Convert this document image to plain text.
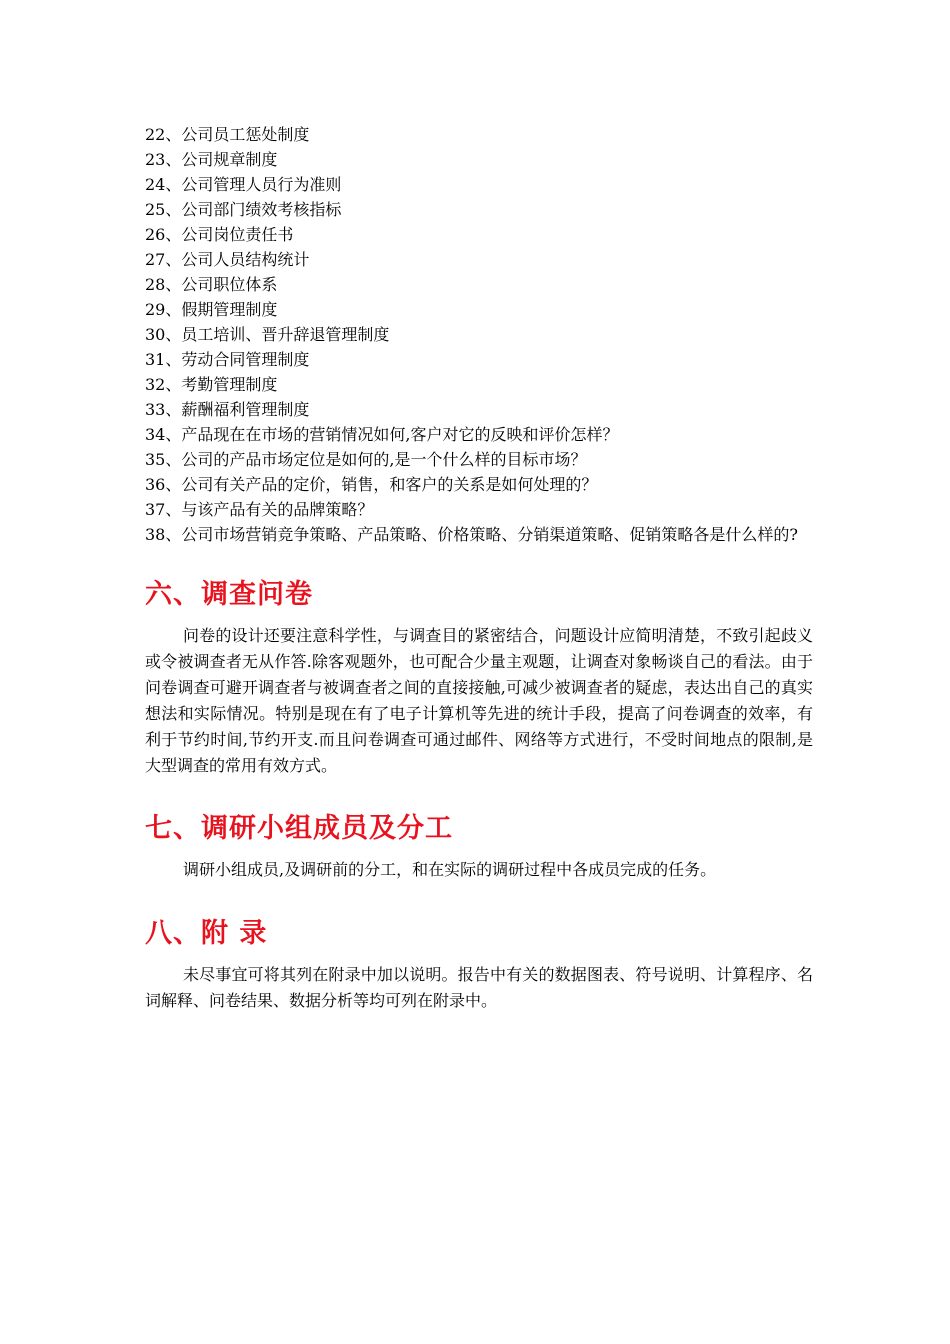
22、公司员工惩处制度
23、公司规章制度
24、公司管理人员行为准则
25、公司部门绩效考核指标
26、公司岗位责任书
27、公司人员结构统计
28、公司职位体系
29、假期管理制度
30、员工培训、晋升辞退管理制度
31、劳动合同管理制度
32、考勤管理制度
33、薪酬福利管理制度
34、产品现在在市场的营销情况如何,客户对它的反映和评价怎样？
35、公司的产品市场定位是如何的,是一个什么样的目标市场？
36、公司有关产品的定价，销售，和客户的关系是如何处理的？
37、与该产品有关的品牌策略？
38、公司市场营销竞争策略、产品策略、价格策略、分销渠道策略、促销策略各是什么样的?
六、调查问卷

问卷的设计还要注意科学性，与调查目的紧密结合，问题设计应简明清楚，不致引起歧义或令被调查者无从作答.除客观题外，也可配合少量主观题，让调查对象畅谈自己的看法。由于问卷调查可避开调查者与被调查者之间的直接接触,可减少被调查者的疑虑，表达出自己的真实想法和实际情况。特别是现在有了电子计算机等先进的统计手段，提高了问卷调查的效率，有利于节约时间,节约开支.而且问卷调查可通过邮件、网络等方式进行，不受时间地点的限制,是大型调查的常用有效方式。

七、调研小组成员及分工

调研小组成员,及调研前的分工，和在实际的调研过程中各成员完成的任务。

八、附 录

未尽事宜可将其列在附录中加以说明。报告中有关的数据图表、符号说明、计算程序、名词解释、问卷结果、数据分析等均可列在附录中。
